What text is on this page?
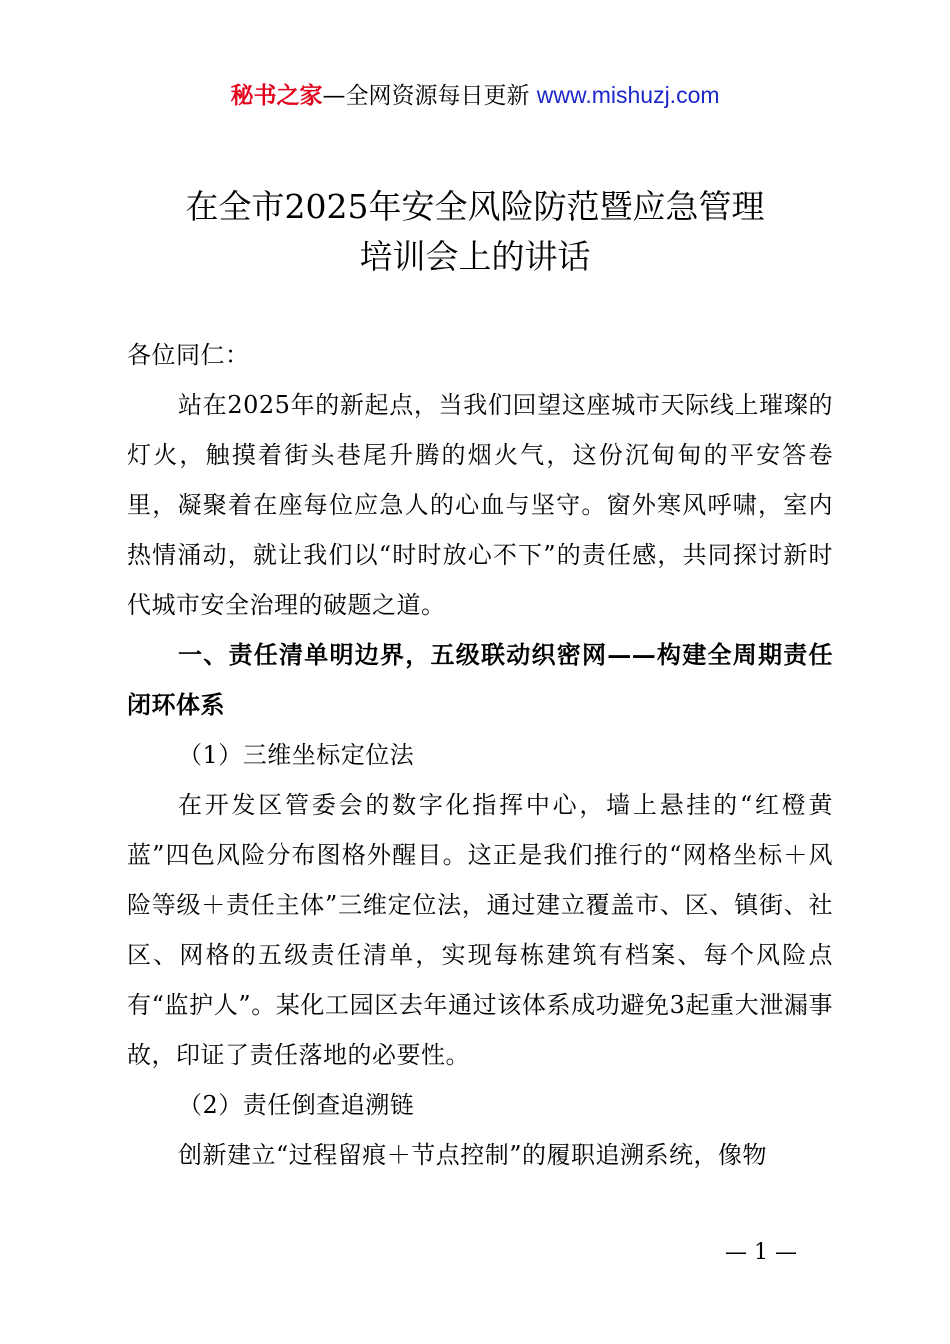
秘书之家—全网资源每日更新 www.mishuzj.com
在全市2025年安全风险防范暨应急管理
培训会上的讲话

各位同仁：

站在2025年的新起点，当我们回望这座城市天际线上璀璨的灯火，触摸着街头巷尾升腾的烟火气，这份沉甸甸的平安答卷里，凝聚着在座每位应急人的心血与坚守。窗外寒风呼啸，室内热情涌动，就让我们以“时时放心不下”的责任感，共同探讨新时代城市安全治理的破题之道。

一、责任清单明边界，五级联动织密网——构建全周期责任闭环体系

（1）三维坐标定位法

在开发区管委会的数字化指挥中心，墙上悬挂的“红橙黄蓝”四色风险分布图格外醒目。这正是我们推行的“网格坐标＋风险等级＋责任主体”三维定位法，通过建立覆盖市、区、镇街、社区、网格的五级责任清单，实现每栋建筑有档案、每个风险点有“监护人”。某化工园区去年通过该体系成功避免3起重大泄漏事故，印证了责任落地的必要性。

（2）责任倒查追溯链

创新建立“过程留痕＋节点控制”的履职追溯系统，像物

— 1 —
